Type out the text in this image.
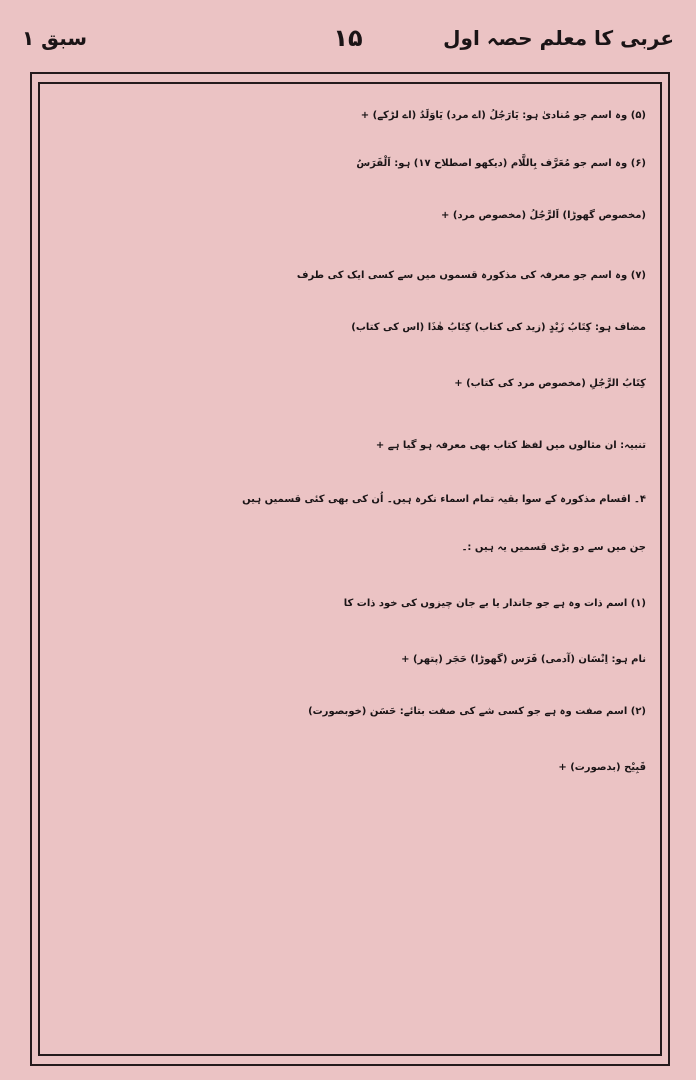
عربی کا معلم حصہ اول
۱۵
سبق ۱
(۵) وہ اسم جو مُنادیٰ ہو: یَارَجُلُ (اے مرد) یَاوَلَدُ (اے لڑکے) +
(۶) وہ اسم جو مُعَرَّف بِاللَّام (دیکھو اصطلاح ۱۷) ہو: اَلْفَرَسُ
(مخصوص گھوڑا) اَلرَّجُلُ (مخصوص مرد) +
(۷) وہ اسم جو معرفہ کی مذکورہ قسموں میں سے کسی ایک کی طرف
مضاف ہو: کِتَابُ زَیْدٍ (زید کی کتاب) کِتَابُ ھٰذَا (اس کی کتاب)
کِتَابُ الرَّجُلِ (مخصوص مرد کی کتاب) +
تنبیہ: ان مثالوں میں لفظ کتاب بھی معرفہ ہو گیا ہے +
۴۔ اقسام مذکورہ کے سوا بقیہ تمام اسماء نکرہ ہیں۔ اُن کی بھی کئی قسمیں ہیں
جن میں سے دو بڑی قسمیں یہ ہیں :۔
(۱) اسم ذات وہ ہے جو جاندار یا بے جان چیزوں کی خود ذات کا
نام ہو: اِنْسَان (آدمی) فَرَس (گھوڑا) حَجَر (پتھر) +
(۲) اسم صفت وہ ہے جو کسی شے کی صفت بتائے: حَسَن (خوبصورت)
قَبِیْح (بدصورت) +
